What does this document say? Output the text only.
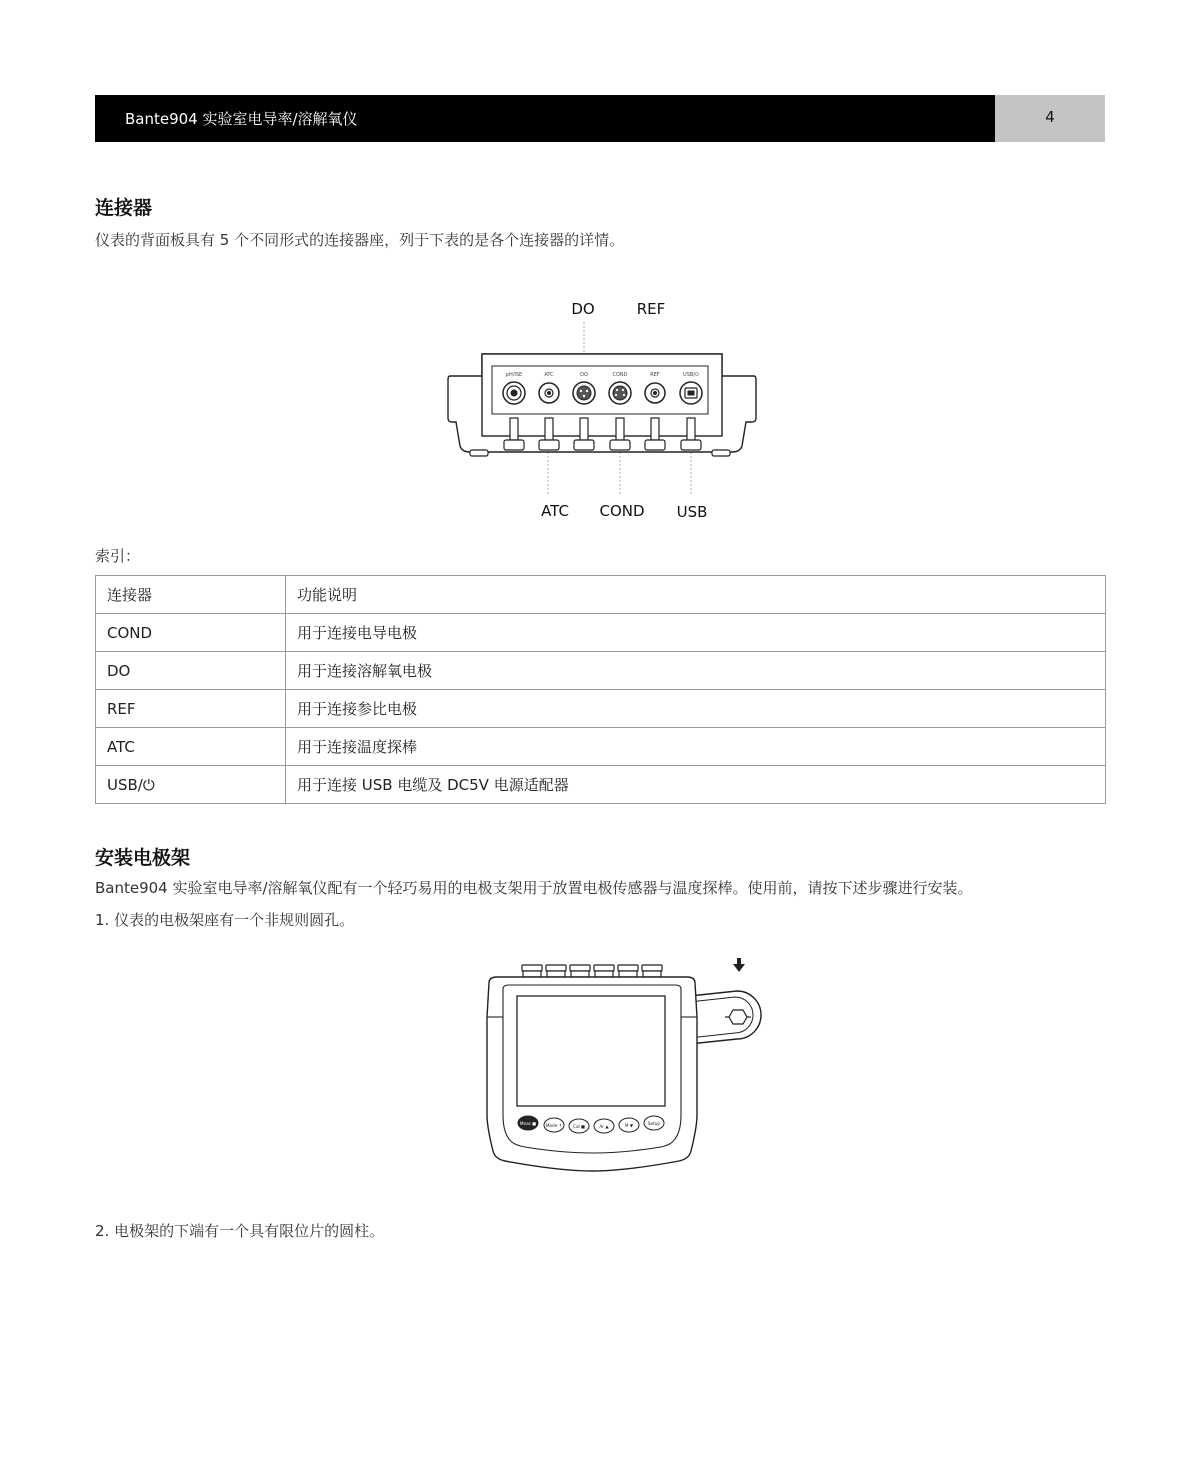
Bante904 实验室电导率/溶解氧仪	4
连接器
仪表的背面板具有 5 个不同形式的连接器座，列于下表的是各个连接器的详情。
DO	REF
ATC COND USB
pH/ISE	ATC	DO	COND	REF	USB/⏻
索引：
连接器	功能说明
COND	用于连接电导电极
DO	用于连接溶解氧电极
REF	用于连接参比电极
ATC	用于连接温度探棒
USB/⏻	用于连接 USB 电缆及 DC5V 电源适配器
安装电极架
Bante904 实验室电导率/溶解氧仪配有一个轻巧易用的电极支架用于放置电极传感器与温度探棒。使用前，请按下述步骤进行安装。
1. 仪表的电极架座有一个非规则圆孔。
Meas ■ Mode ↑	Cal ■	Ar ▲	M ▼	Setup
2. 电极架的下端有一个具有限位片的圆柱。
